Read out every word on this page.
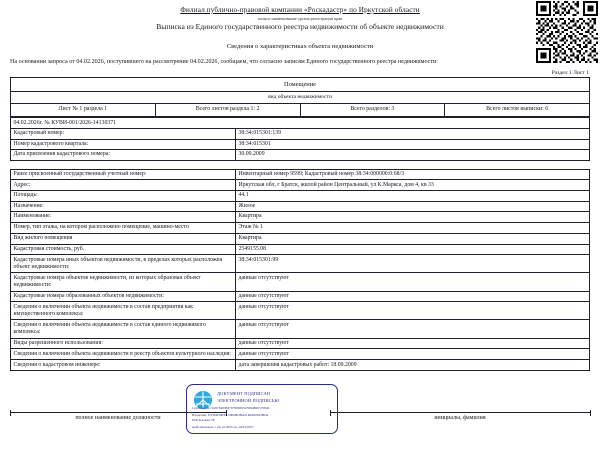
Филиал публично-правовой компании «Роскадастр» по Иркутской области
полное наименование органа регистрации прав
Выписка из Единого государственного реестра недвижимости об объекте недвижимости
Сведения о характеристиках объекта недвижимости
На основании запроса от 04.02.2026, поступившего на рассмотрение 04.02.2026, сообщаем, что согласно записям Единого государственного реестра недвижимости:
Раздел 1 Лист 1
Помещение
вид объекта недвижимости
Лист № 1 раздела 1	Всего листов раздела 1: 2	Всего разделов: 3	Всего листов выписки: 6
04.02.2026г. № КУВИ-001/2026-14130371	
Кадастровый номер:	38:34:015301:139
Номер кадастрового квартала:	38:34:015301
Дата присвоения кадастрового номера:	30.09.2009
Ранее присвоенный государственный учетный номер:	Инвентарный номер 9599; Кадастровый номер 38:34:000000:0:68/3
Адрес:	Иркутская обл, г Братск, жилой район Центральный, ул К.Маркса, дом 4, кв 33
Площадь:	44.1
Назначение:	Жилое
Наименование:	Квартира
Номер, тип этажа, на котором расположено помещение, машино-место	Этаж № 1
Вид жилого помещения	Квартира
Кадастровая стоимость, руб.	2549155.08
Кадастровые номера иных объектов недвижимости, в пределах которых расположен объект недвижимости:	38:34:015301:99
Кадастровые номера объектов недвижимости, из которых образован объект недвижимости:	данные отсутствуют
Кадастровые номера образованных объектов недвижимости:	данные отсутствуют
Сведения о включении объекта недвижимости в состав предприятия как имущественного комплекса:	данные отсутствуют
Сведения о включении объекта недвижимости в состав единого недвижимого комплекса:	данные отсутствуют
Виды разрешенного использования:	данные отсутствуют
Сведения о включении объекта недвижимости в реестр объектов культурного наследия:	данные отсутствуют
Сведения о кадастровом инженере:	дата завершения кадастровых работ: 18.09.2009
полное наименование должности	инициалы, фамилия
ДОКУМЕНТ ПОДПИСАН
ЭЛЕКТРОННОЙ ПОДПИСЬЮ
Сертификат: 029734838470798065523084860375840
Владелец: ПУБЛИЧНО-ПРАВОВАЯ КОМПАНИЯ
РОСКАДАСТР
Действителен: с 24.12.2025 по 19.03.2027
